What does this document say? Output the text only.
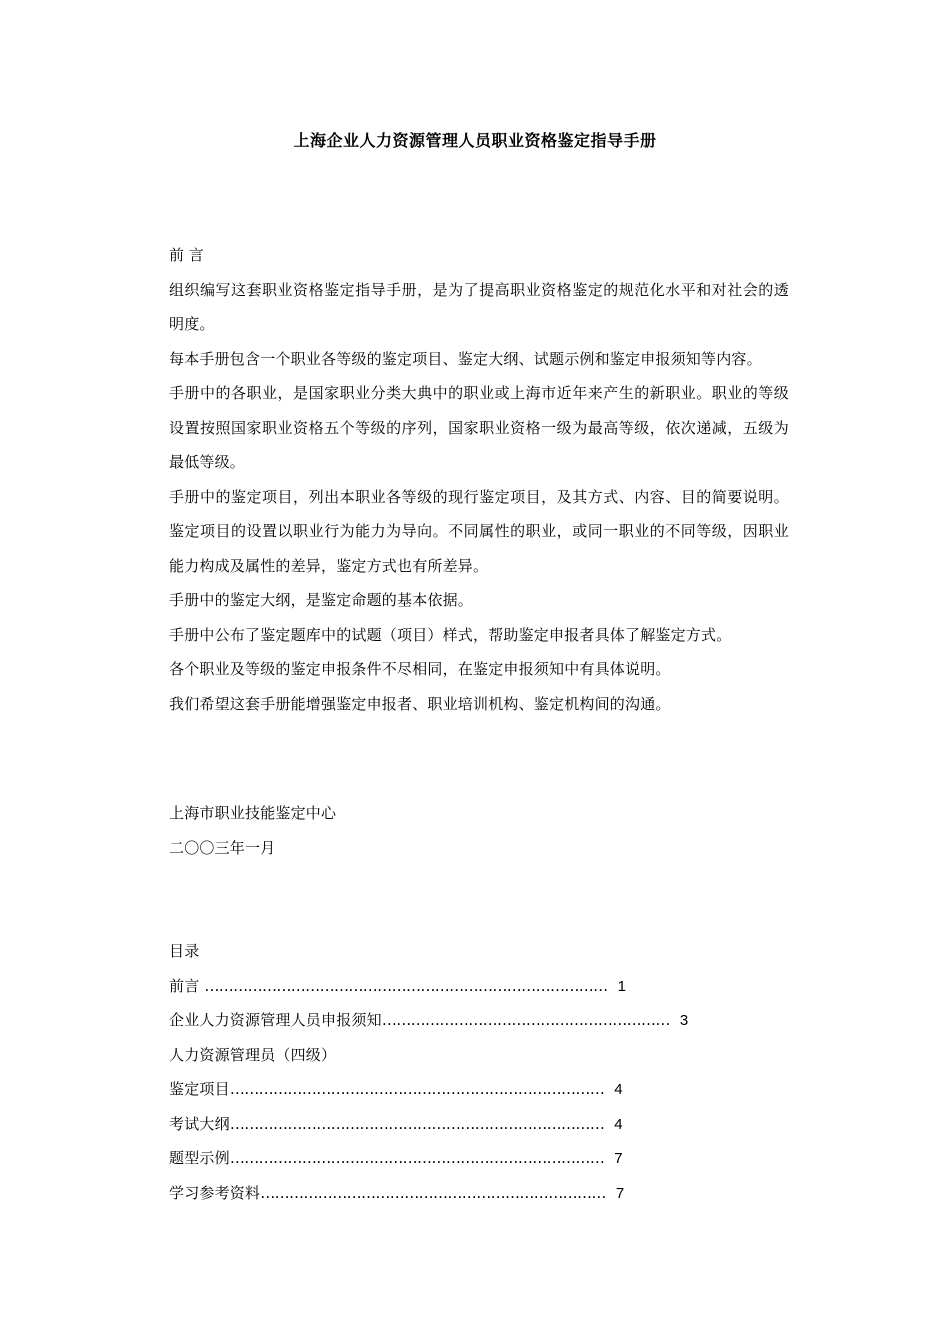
上海企业人力资源管理人员职业资格鉴定指导手册

前 言

组织编写这套职业资格鉴定指导手册，是为了提高职业资格鉴定的规范化水平和对社会的透明度。

每本手册包含一个职业各等级的鉴定项目、鉴定大纲、试题示例和鉴定申报须知等内容。

手册中的各职业，是国家职业分类大典中的职业或上海市近年来产生的新职业。职业的等级设置按照国家职业资格五个等级的序列，国家职业资格一级为最高等级，依次递减，五级为最低等级。

手册中的鉴定项目，列出本职业各等级的现行鉴定项目，及其方式、内容、目的简要说明。鉴定项目的设置以职业行为能力为导向。不同属性的职业，或同一职业的不同等级，因职业能力构成及属性的差异，鉴定方式也有所差异。

手册中的鉴定大纲，是鉴定命题的基本依据。

手册中公布了鉴定题库中的试题（项目）样式，帮助鉴定申报者具体了解鉴定方式。

各个职业及等级的鉴定申报条件不尽相同，在鉴定申报须知中有具体说明。

我们希望这套手册能增强鉴定申报者、职业培训机构、鉴定机构间的沟通。

上海市职业技能鉴定中心
二〇〇三年一月
目录
前言 ………………………………………………………………………… 1
企业人力资源管理人员申报须知…………………………………………………… 3
人力资源管理员（四级）
鉴定项目…………………………………………………………………… 4
考试大纲…………………………………………………………………… 4
题型示例…………………………………………………………………… 7
学习参考资料……………………………………………………………… 7
